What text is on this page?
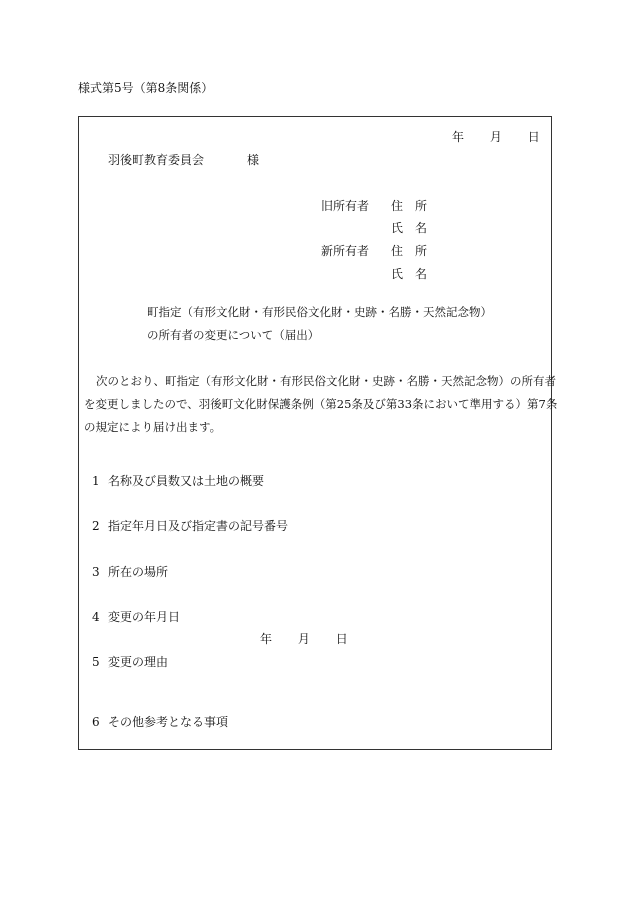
様式第5号（第8条関係）
年 月 日
羽後町教育委員会	様
旧所有者 住　所
氏　名
新所有者 住　所
氏　名
町指定（有形文化財・有形民俗文化財・史跡・名勝・天然記念物）
の所有者の変更について（届出）
次のとおり、町指定（有形文化財・有形民俗文化財・史跡・名勝・天然記念物）の所有者
を変更しましたので、羽後町文化財保護条例（第25条及び第33条において準用する）第7条
の規定により届け出ます。
1 名称及び員数又は土地の概要
2 指定年月日及び指定書の記号番号
3 所在の場所
4 変更の年月日
年 月 日
5 変更の理由
6 その他参考となる事項
